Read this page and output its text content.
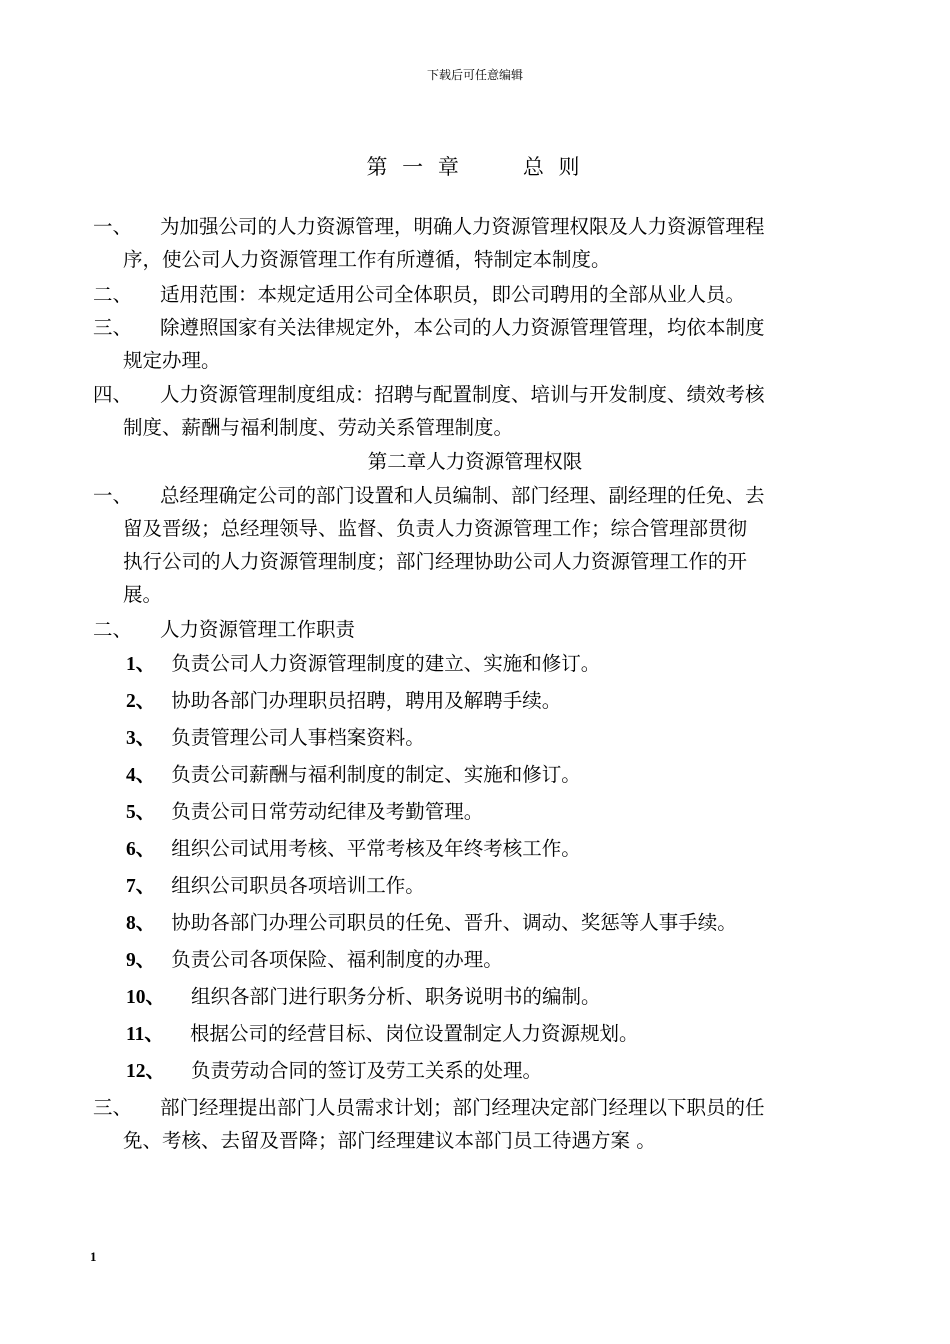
下载后可任意编辑
第 一 章	总 则
一、 为加强公司的人力资源管理，明确人力资源管理权限及人力资源管理程
序，使公司人力资源管理工作有所遵循，特制定本制度。
二、 适用范围：本规定适用公司全体职员，即公司聘用的全部从业人员。
三、 除遵照国家有关法律规定外，本公司的人力资源管理管理，均依本制度
规定办理。
四、 人力资源管理制度组成：招聘与配置制度、培训与开发制度、绩效考核
制度、薪酬与福利制度、劳动关系管理制度。
第二章人力资源管理权限
一、 总经理确定公司的部门设置和人员编制、部门经理、副经理的任免、去
留及晋级；总经理领导、监督、负责人力资源管理工作；综合管理部贯彻
执行公司的人力资源管理制度；部门经理协助公司人力资源管理工作的开
展。
二、 人力资源管理工作职责
1、 负责公司人力资源管理制度的建立、实施和修订。
2、 协助各部门办理职员招聘，聘用及解聘手续。
3、 负责管理公司人事档案资料。
4、 负责公司薪酬与福利制度的制定、实施和修订。
5、 负责公司日常劳动纪律及考勤管理。
6、 组织公司试用考核、平常考核及年终考核工作。
7、 组织公司职员各项培训工作。
8、 协助各部门办理公司职员的任免、晋升、调动、奖惩等人事手续。
9、 负责公司各项保险、福利制度的办理。
10、 组织各部门进行职务分析、职务说明书的编制。
11、 根据公司的经营目标、岗位设置制定人力资源规划。
12、 负责劳动合同的签订及劳工关系的处理。
三、 部门经理提出部门人员需求计划；部门经理决定部门经理以下职员的任
免、考核、去留及晋降；部门经理建议本部门员工待遇方案 。
1
